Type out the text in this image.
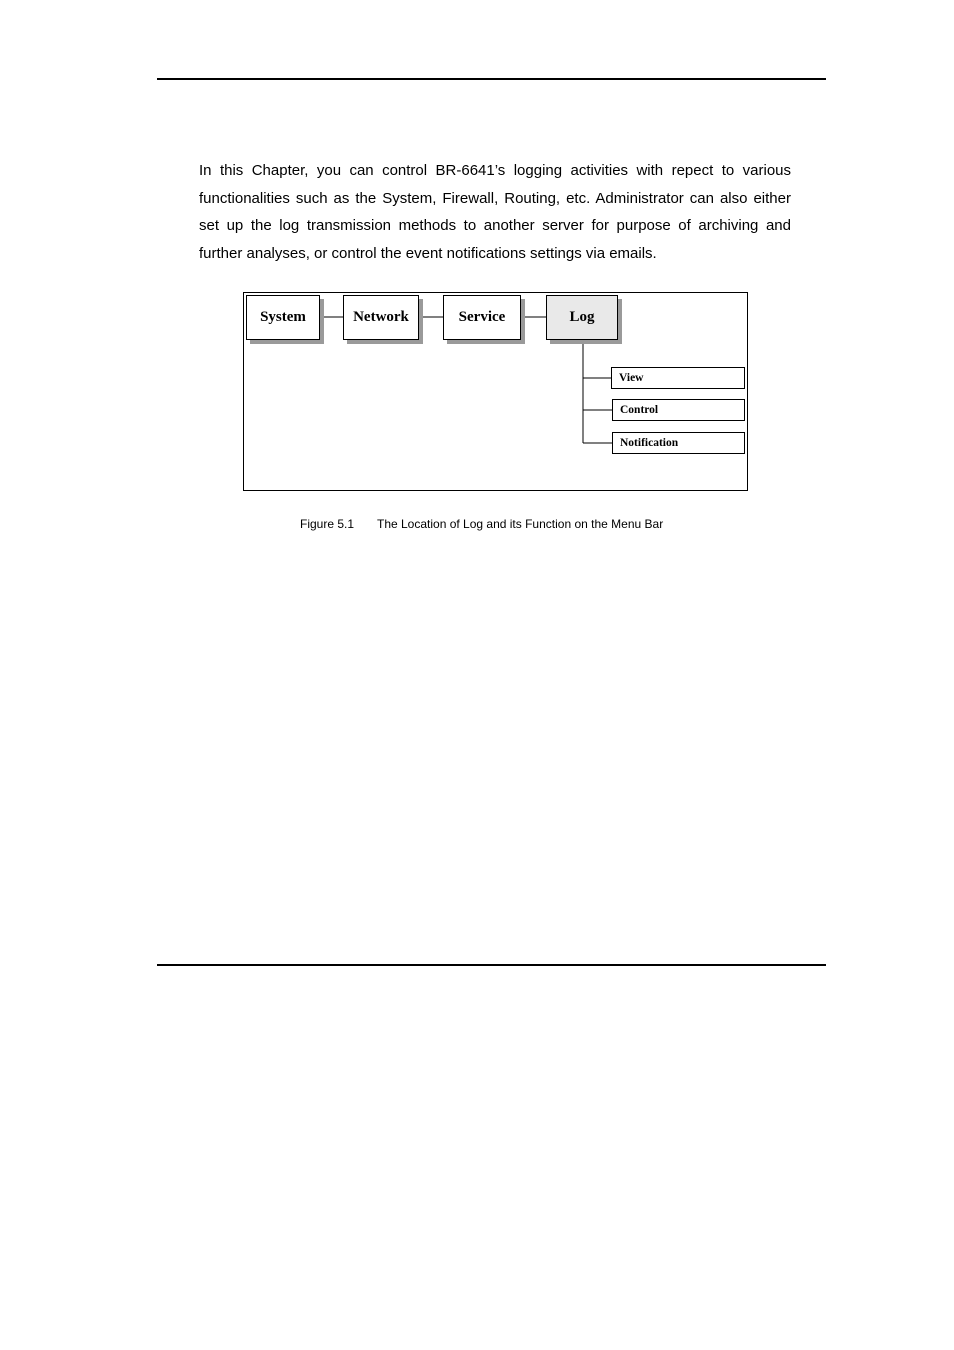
In this Chapter, you can control BR-6641’s logging activities with repect to various functionalities such as the System, Firewall, Routing, etc. Administrator can also either set up the log transmission methods to another server for purpose of archiving and further analyses, or control the event notifications settings via emails.

System	Network	Service	Log
View
Control
Notification
Figure 5.1 The Location of Log and its Function on the Menu Bar
